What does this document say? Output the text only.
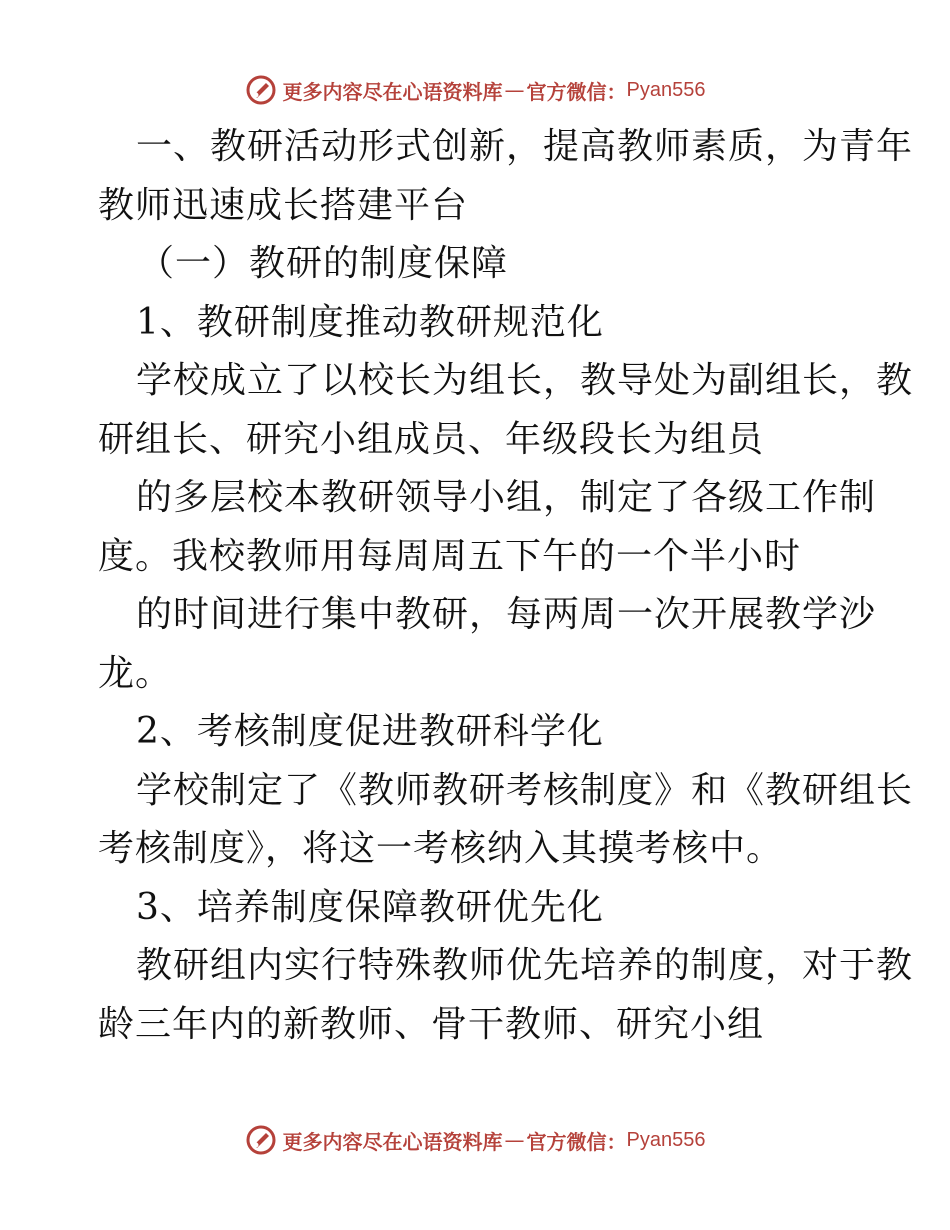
更多内容尽在心语资料库 — 官方微信： Pyan556
一、教研活动形式创新，提高教师素质，为青年
教师迅速成长搭建平台
（一）教研的制度保障
1、教研制度推动教研规范化
学校成立了以校长为组长，教导处为副组长，教
研组长、研究小组成员、年级段长为组员
的多层校本教研领导小组，制定了各级工作制
度。我校教师用每周周五下午的一个半小时
的时间进行集中教研，每两周一次开展教学沙
龙。
2、考核制度促进教研科学化
学校制定了《教师教研考核制度》和《教研组长
考核制度》，将这一考核纳入其摸考核中。
3、培养制度保障教研优先化
教研组内实行特殊教师优先培养的制度，对于教
龄三年内的新教师、骨干教师、研究小组
更多内容尽在心语资料库 — 官方微信： Pyan556
